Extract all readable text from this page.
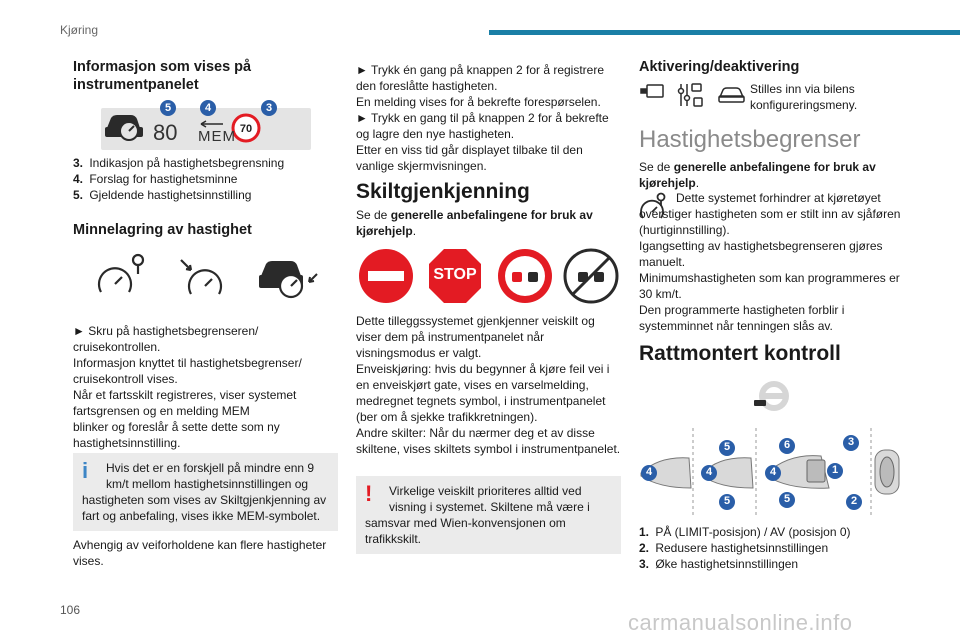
Kjøring
106	carmanualsonline.info
Informasjon som vises på instrumentpanelet
5	4	3
80 MEM 70
3. Indikasjon på hastighetsbegrensning
4. Forslag for hastighetsminne
5. Gjeldende hastighetsinnstilling
Minnelagring av hastighet
► Skru på hastighetsbegrenseren/ cruisekontrollen.
Informasjon knyttet til hastighetsbegrenser/ cruisekontroll vises.
Når et fartsskilt registreres, viser systemet fartsgrensen og en melding MEM
blinker og foreslår å sette dette som ny hastighetsinnstilling.
i	Hvis det er en forskjell på mindre enn 9 km/t mellom hastighetsinnstillingen og hastigheten som vises av Skiltgjenkjenning av fart og anbefaling, vises ikke MEM-symbolet.
Avhengig av veiforholdene kan flere hastigheter vises.
► Trykk én gang på knappen 2 for å registrere den foreslåtte hastigheten.
En melding vises for å bekrefte forespørselen.
► Trykk en gang til på knappen 2 for å bekrefte og lagre den nye hastigheten.
Etter en viss tid går displayet tilbake til den vanlige skjermvisningen.
Skiltgjenkjenning
Se de generelle anbefalingene for bruk av kjørehjelp.
STOP
Dette tilleggssystemet gjenkjenner veiskilt og viser dem på instrumentpanelet når visningsmodus er valgt.
Enveiskjøring: hvis du begynner å kjøre feil vei i en enveiskjørt gate, vises en varselmelding, medregnet tegnets symbol, i instrumentpanelet (ber om å sjekke trafikkretningen).
Andre skilter: Når du nærmer deg et av disse skiltene, vises skiltets symbol i instrumentpanelet.
!	Virkelige veiskilt prioriteres alltid ved visning i systemet. Skiltene må være i samsvar med Wien-konvensjonen om trafikkskilt.
Aktivering/deaktivering
Stilles inn via bilens konfigureringsmeny.
Hastighetsbegrenser
Se de generelle anbefalingene for bruk av kjørehjelp.
Dette systemet forhindrer at kjøretøyet overstiger hastigheten som er stilt inn av sjåføren (hurtiginnstilling).
Igangsetting av hastighetsbegrenseren gjøres manuelt.
Minimumshastigheten som kan programmeres er 30 km/t.
Den programmerte hastigheten forblir i systemminnet når tenningen slås av.
Rattmontert kontroll
4
5
4
5
6
4	1
3
5	2
1. PÅ (LIMIT-posisjon) / AV (posisjon 0)
2. Redusere hastighetsinnstillingen
3. Øke hastighetsinnstillingen
